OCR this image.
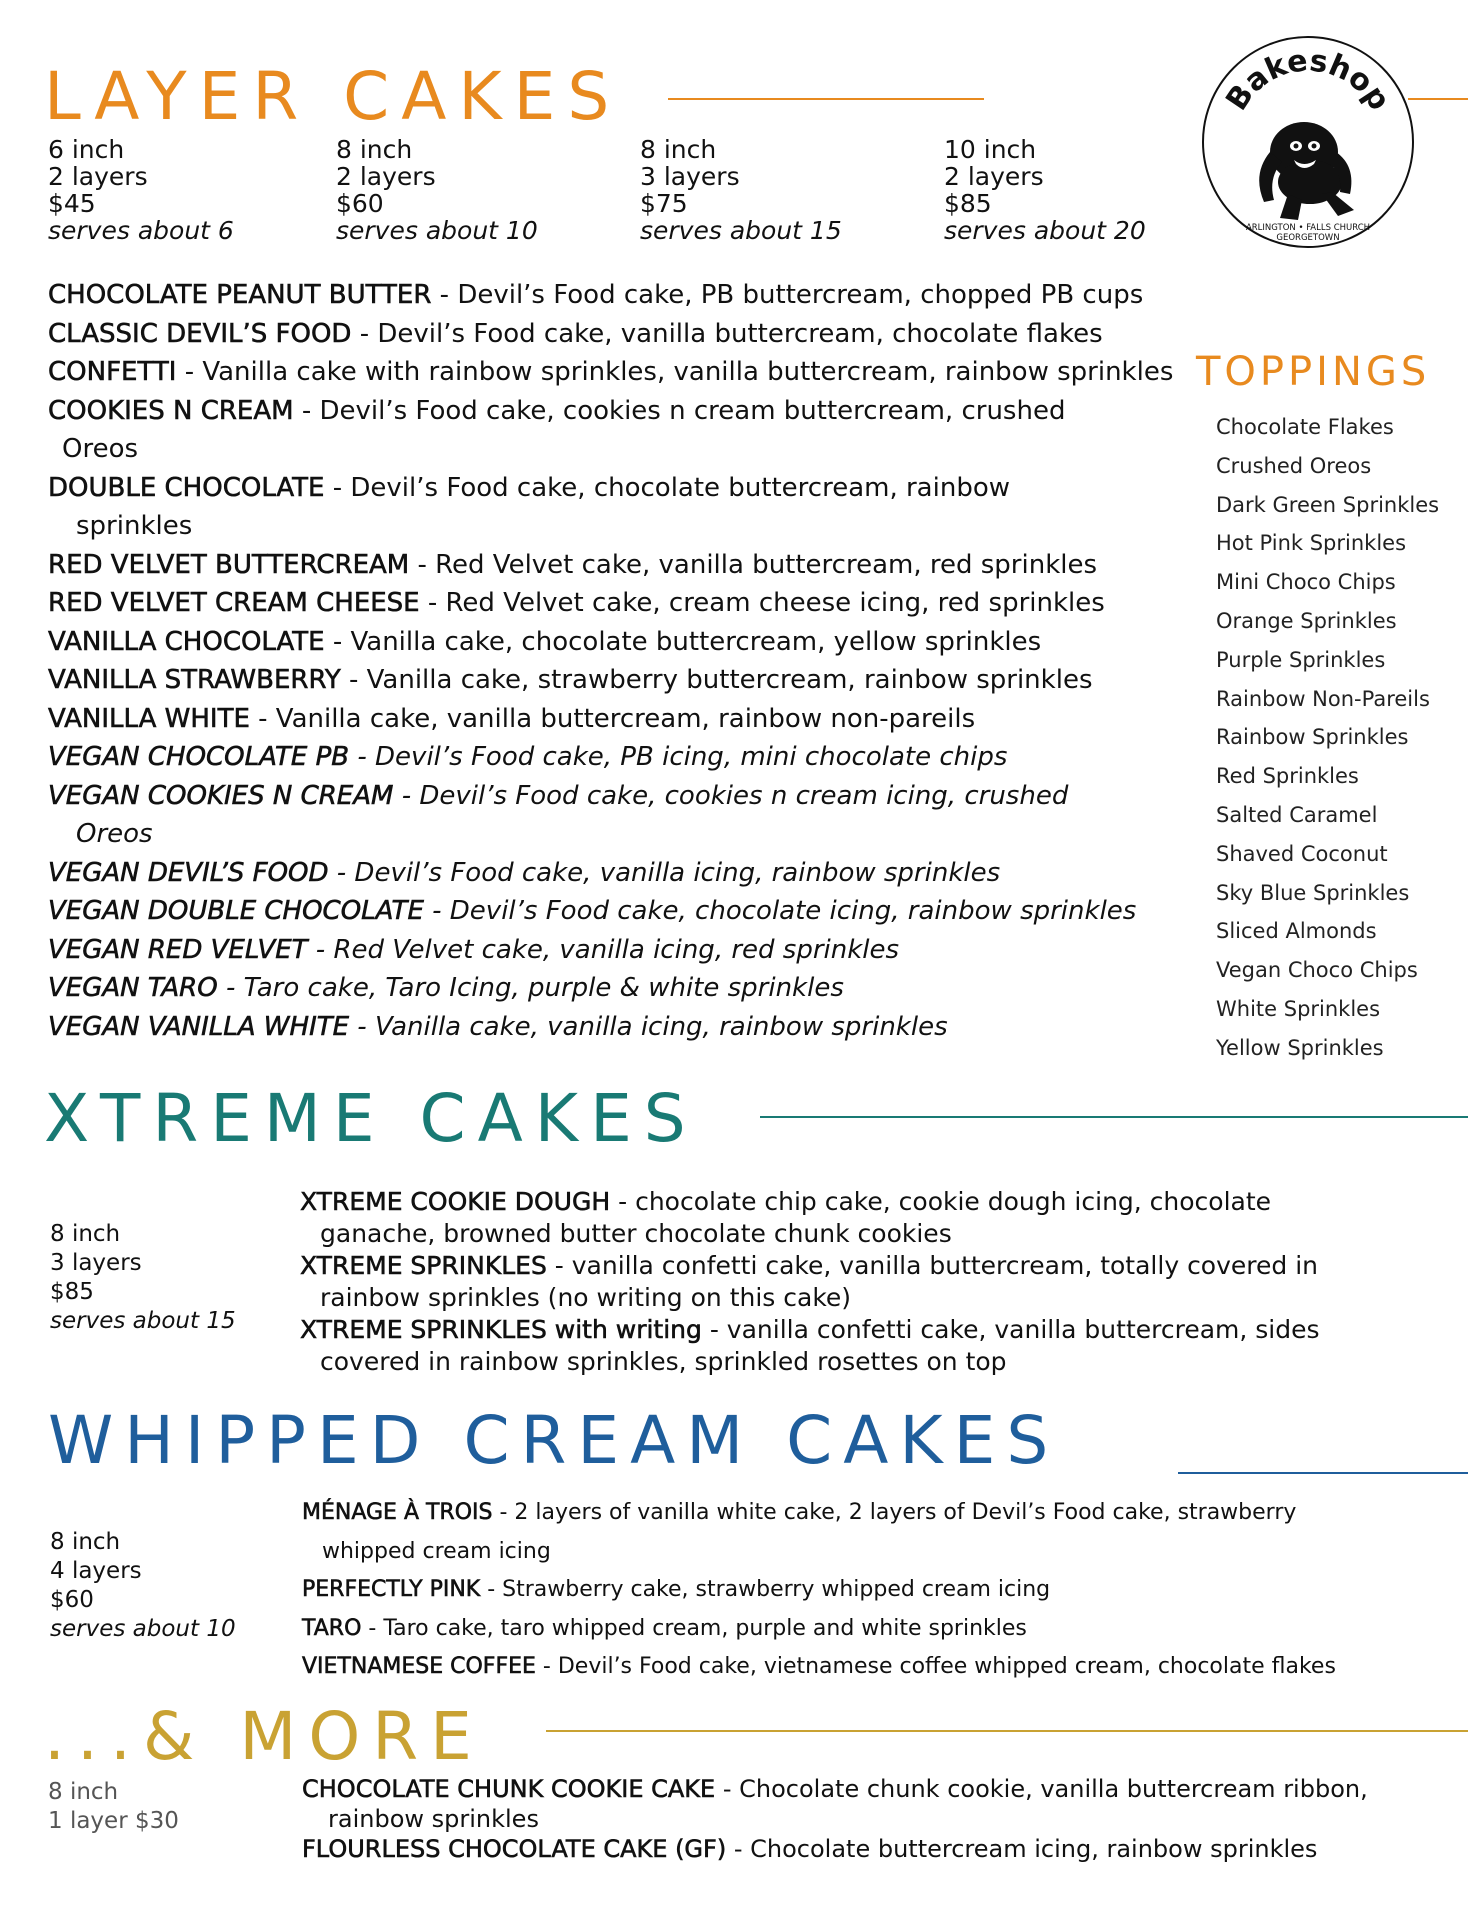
LAYER CAKES
6 inch
2 layers
$45
serves about 6
8 inch
2 layers
$60
serves about 10
8 inch
3 layers
$75
serves about 15
10 inch
2 layers
$85
serves about 20
Bakeshop
ARLINGTON • FALLS CHURCH
GEORGETOWN
CHOCOLATE PEANUT BUTTER - Devil’s Food cake, PB buttercream, chopped PB cups
CLASSIC DEVIL’S FOOD - Devil’s Food cake, vanilla buttercream, chocolate flakes
CONFETTI - Vanilla cake with rainbow sprinkles, vanilla buttercream, rainbow sprinkles
COOKIES N CREAM - Devil’s Food cake, cookies n cream buttercream, crushed
Oreos
DOUBLE CHOCOLATE - Devil’s Food cake, chocolate buttercream, rainbow
sprinkles
RED VELVET BUTTERCREAM - Red Velvet cake, vanilla buttercream, red sprinkles
RED VELVET CREAM CHEESE - Red Velvet cake, cream cheese icing, red sprinkles
VANILLA CHOCOLATE - Vanilla cake, chocolate buttercream, yellow sprinkles
VANILLA STRAWBERRY - Vanilla cake, strawberry buttercream, rainbow sprinkles
VANILLA WHITE - Vanilla cake, vanilla buttercream, rainbow non-pareils
VEGAN CHOCOLATE PB - Devil’s Food cake, PB icing, mini chocolate chips
VEGAN COOKIES N CREAM - Devil’s Food cake, cookies n cream icing, crushed
Oreos
VEGAN DEVIL’S FOOD - Devil’s Food cake, vanilla icing, rainbow sprinkles
VEGAN DOUBLE CHOCOLATE - Devil’s Food cake, chocolate icing, rainbow sprinkles
VEGAN RED VELVET - Red Velvet cake, vanilla icing, red sprinkles
VEGAN TARO - Taro cake, Taro Icing, purple & white sprinkles
VEGAN VANILLA WHITE - Vanilla cake, vanilla icing, rainbow sprinkles
TOPPINGS
Chocolate Flakes
Crushed Oreos
Dark Green Sprinkles
Hot Pink Sprinkles
Mini Choco Chips
Orange Sprinkles
Purple Sprinkles
Rainbow Non-Pareils
Rainbow Sprinkles
Red Sprinkles
Salted Caramel
Shaved Coconut
Sky Blue Sprinkles
Sliced Almonds
Vegan Choco Chips
White Sprinkles
Yellow Sprinkles
XTREME CAKES
8 inch
3 layers
$85
serves about 15
XTREME COOKIE DOUGH - chocolate chip cake, cookie dough icing, chocolate
ganache, browned butter chocolate chunk cookies
XTREME SPRINKLES - vanilla confetti cake, vanilla buttercream, totally covered in
rainbow sprinkles (no writing on this cake)
XTREME SPRINKLES with writing - vanilla confetti cake, vanilla buttercream, sides
covered in rainbow sprinkles, sprinkled rosettes on top
WHIPPED CREAM CAKES
8 inch
4 layers
$60
serves about 10
MÉNAGE À TROIS - 2 layers of vanilla white cake, 2 layers of Devil’s Food cake, strawberry
whipped cream icing
PERFECTLY PINK - Strawberry cake, strawberry whipped cream icing
TARO - Taro cake, taro whipped cream, purple and white sprinkles
VIETNAMESE COFFEE - Devil’s Food cake, vietnamese coffee whipped cream, chocolate flakes
...& MORE
8 inch
1 layer $30
CHOCOLATE CHUNK COOKIE CAKE - Chocolate chunk cookie, vanilla buttercream ribbon,
rainbow sprinkles
FLOURLESS CHOCOLATE CAKE (GF) - Chocolate buttercream icing, rainbow sprinkles
